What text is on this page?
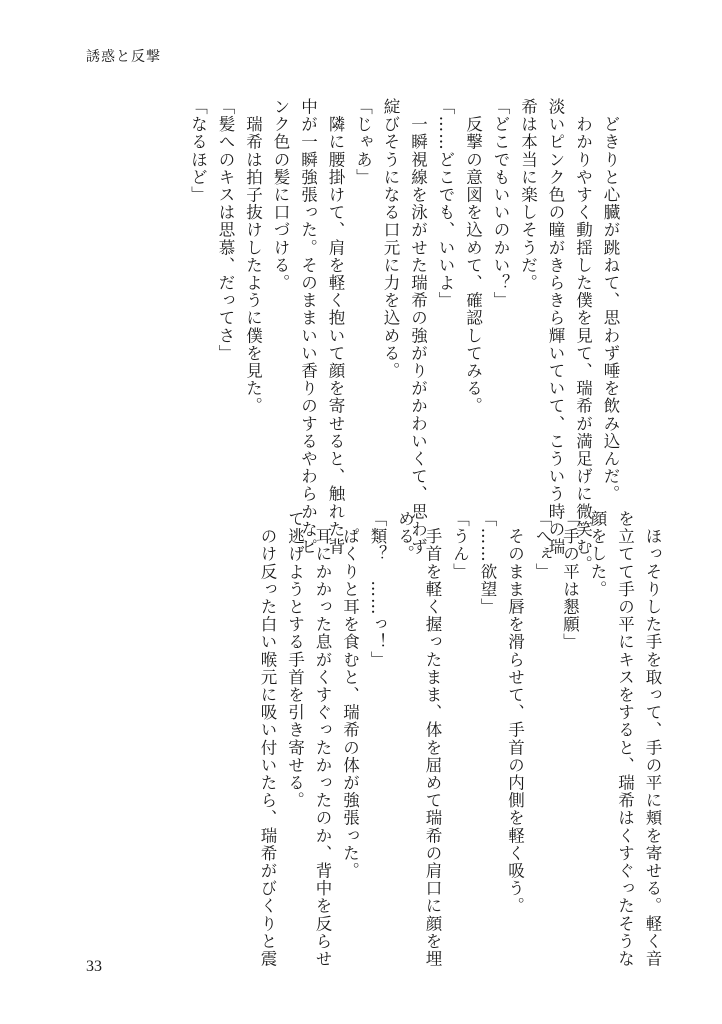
誘惑と反撃

　どきりと心臓が跳ねて、思わず唾を飲み込んだ。

　わかりやすく動揺した僕を見て、瑞希が満足げに微笑む。

淡いピンク色の瞳がきらきら輝いていて、こういう時の瑞

希は本当に楽しそうだ。

「どこでもいいのかい？」

　反撃の意図を込めて、確認してみる。

「……どこでも、いいよ」

　一瞬視線を泳がせた瑞希の強がりがかわいくて、思わず

綻びそうになる口元に力を込める。

「じゃあ」

　隣に腰掛けて、肩を軽く抱いて顔を寄せると、触れた背

中が一瞬強張った。そのままいい香りのするやわらかなピ

ンク色の髪に口づける。

　瑞希は拍子抜けしたように僕を見た。

「髪へのキスは思慕、だってさ」

「なるほど」

　ほっそりした手を取って、手の平に頬を寄せる。軽く音

を立てて手の平にキスをすると、瑞希はくすぐったそうな

顔をした。

「手の平は懇願」

「へぇ」

　そのまま唇を滑らせて、手首の内側を軽く吸う。

「……欲望」

「うん」

　手首を軽く握ったまま、体を屈めて瑞希の肩口に顔を埋

める。

「類？　……っ！」

　ぱくりと耳を食むと、瑞希の体が強張った。

　耳にかかった息がくすぐったかったのか、背中を反らせ

て逃げようとする手首を引き寄せる。

　のけ反った白い喉元に吸い付いたら、瑞希がびくりと震

33
